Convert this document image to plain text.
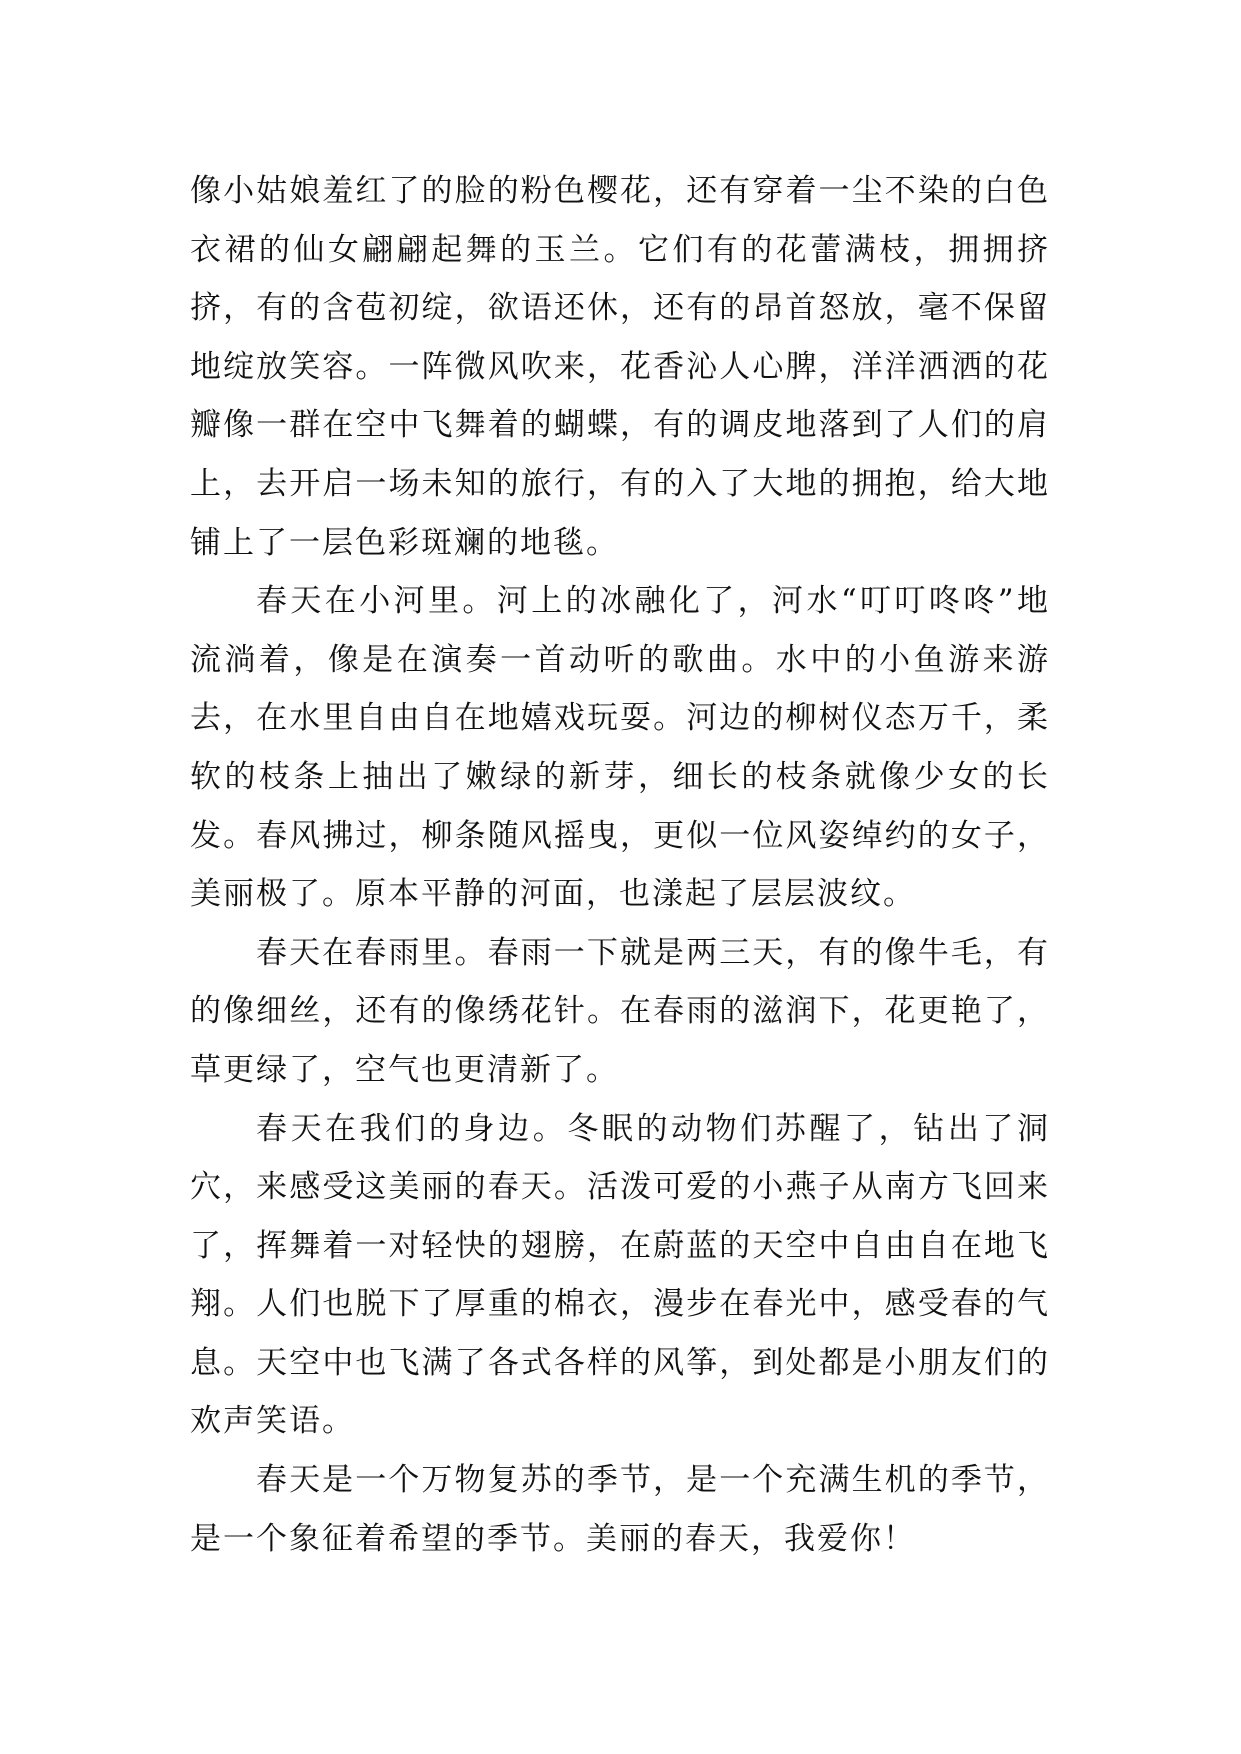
像小姑娘羞红了的脸的粉色樱花，还有穿着一尘不染的白色衣裙的仙女翩翩起舞的玉兰。它们有的花蕾满枝，拥拥挤挤，有的含苞初绽，欲语还休，还有的昂首怒放，毫不保留地绽放笑容。一阵微风吹来，花香沁人心脾，洋洋洒洒的花瓣像一群在空中飞舞着的蝴蝶，有的调皮地落到了人们的肩上，去开启一场未知的旅行，有的入了大地的拥抱，给大地铺上了一层色彩斑斓的地毯。

春天在小河里。河上的冰融化了，河水“叮叮咚咚”地流淌着，像是在演奏一首动听的歌曲。水中的小鱼游来游去，在水里自由自在地嬉戏玩耍。河边的柳树仪态万千，柔软的枝条上抽出了嫩绿的新芽，细长的枝条就像少女的长发。春风拂过，柳条随风摇曳，更似一位风姿绰约的女子，美丽极了。原本平静的河面，也漾起了层层波纹。

春天在春雨里。春雨一下就是两三天，有的像牛毛，有的像细丝，还有的像绣花针。在春雨的滋润下，花更艳了，草更绿了，空气也更清新了。

春天在我们的身边。冬眠的动物们苏醒了，钻出了洞穴，来感受这美丽的春天。活泼可爱的小燕子从南方飞回来了，挥舞着一对轻快的翅膀，在蔚蓝的天空中自由自在地飞翔。人们也脱下了厚重的棉衣，漫步在春光中，感受春的气息。天空中也飞满了各式各样的风筝，到处都是小朋友们的欢声笑语。

春天是一个万物复苏的季节，是一个充满生机的季节，是一个象征着希望的季节。美丽的春天，我爱你！
